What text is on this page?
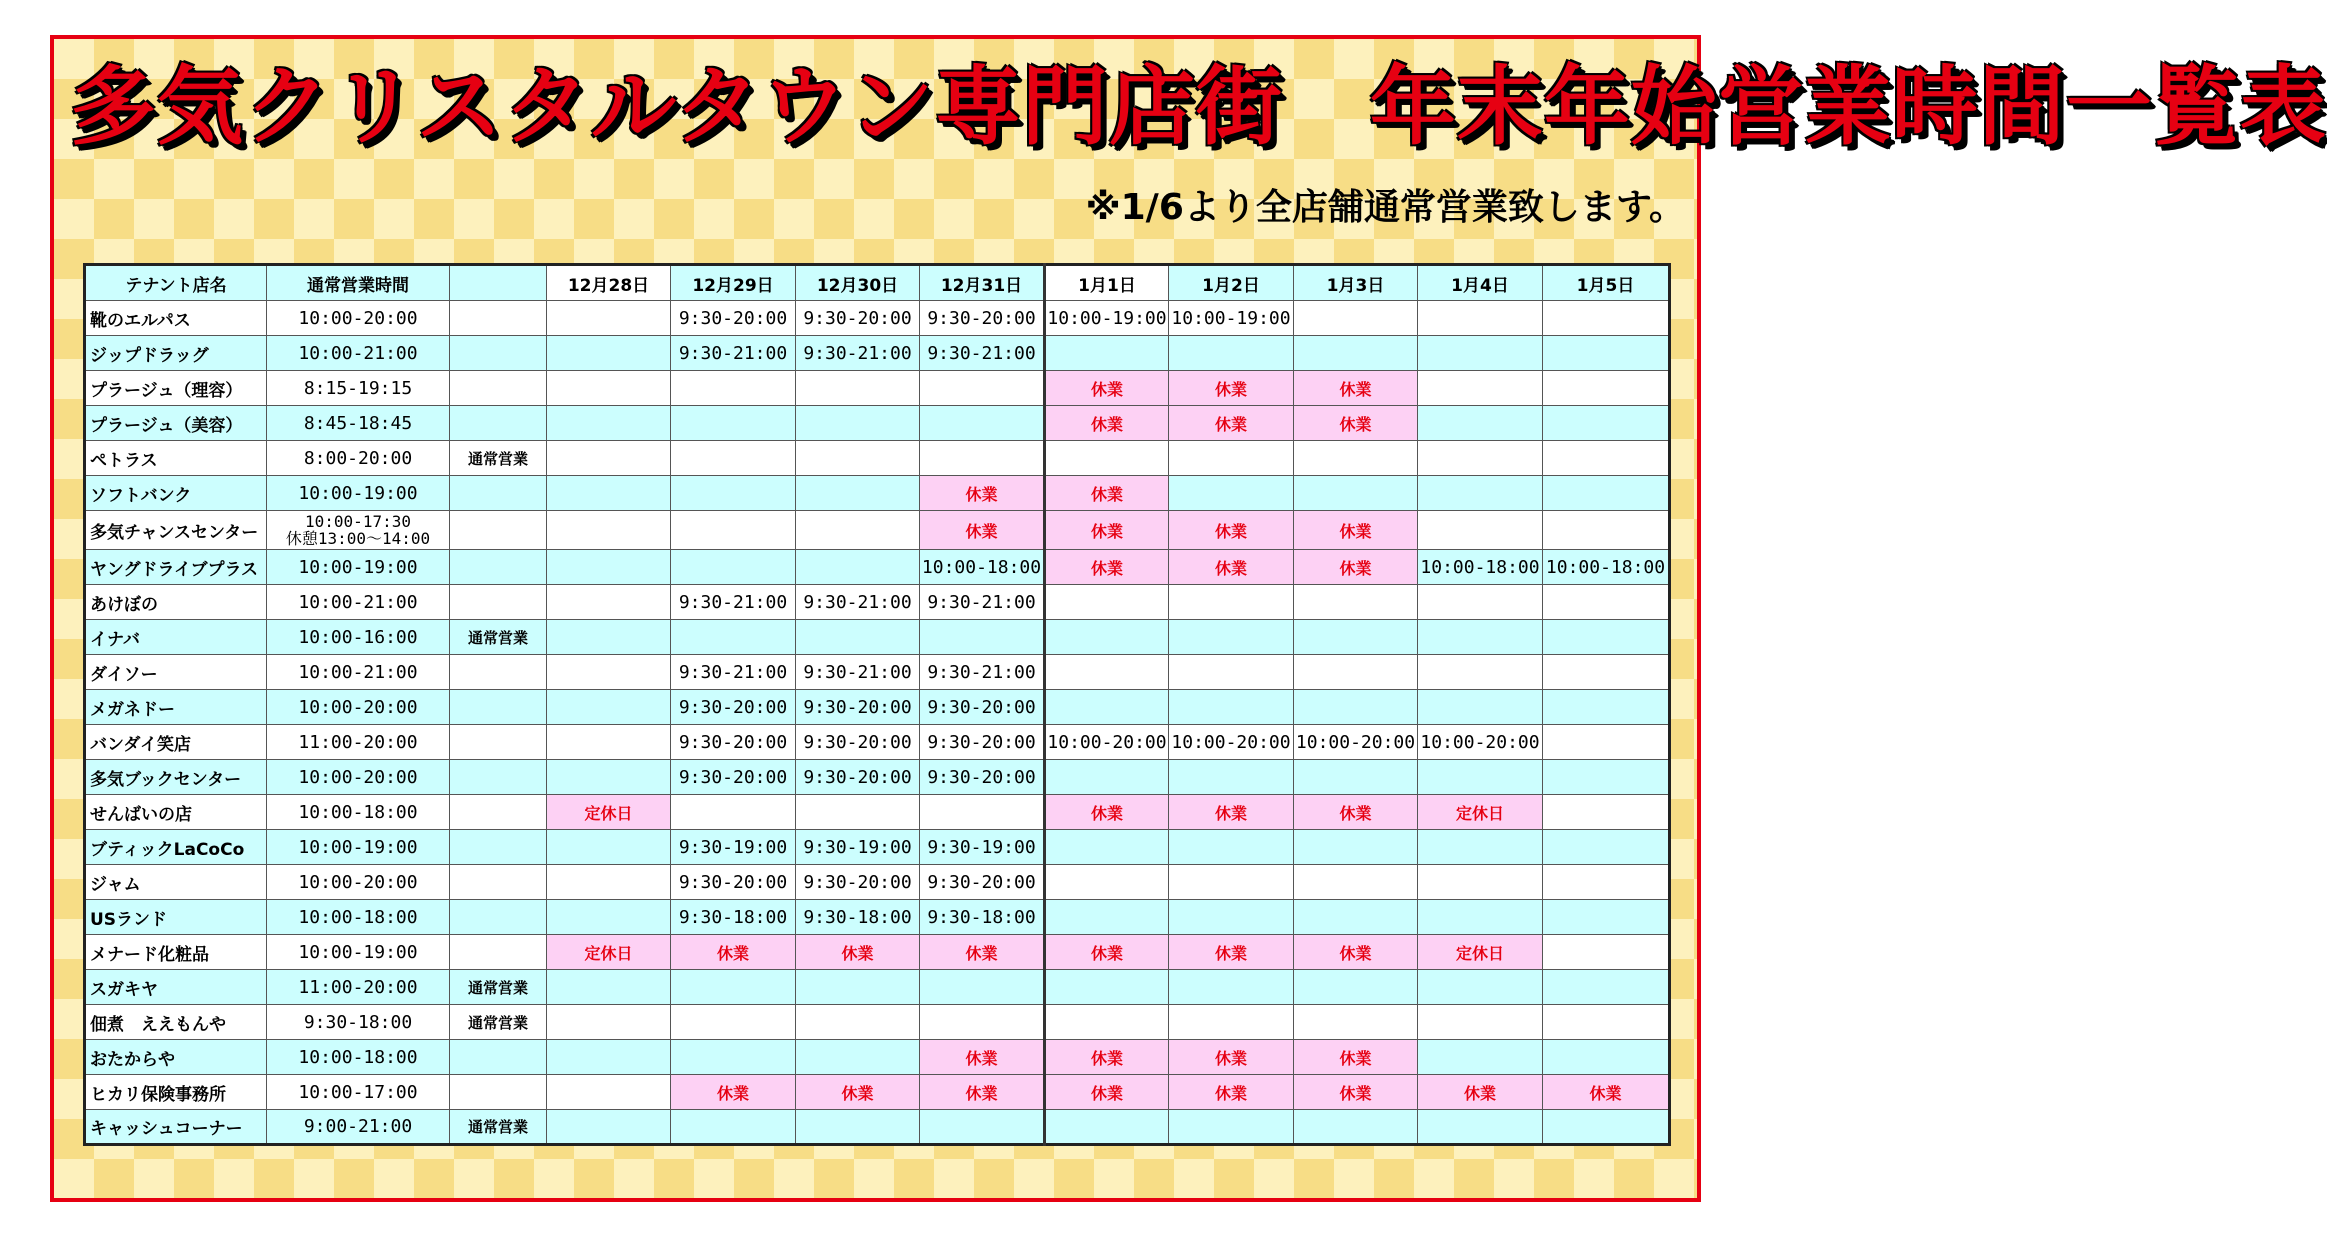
多気クリスタルタウン専門店街　年末年始営業時間一覧表
※1/6より全店舗通常営業致します。
テナント店名	通常営業時間		12月28日	12月29日	12月30日	12月31日	1月1日	1月2日	1月3日	1月4日	1月5日
靴のエルパス	10:00-20:00			9:30-20:00	9:30-20:00	9:30-20:00	10:00-19:00	10:00-19:00			
ジップドラッグ	10:00-21:00			9:30-21:00	9:30-21:00	9:30-21:00					
プラージュ（理容）	8:15-19:15						休業	休業	休業		
プラージュ（美容）	8:45-18:45						休業	休業	休業		
ペトラス	8:00-20:00	通常営業									
ソフトバンク	10:00-19:00					休業	休業				
多気チャンスセンター	10:00-17:30
休憩13:00～14:00					休業	休業	休業	休業		
ヤングドライブプラス	10:00-19:00					10:00-18:00	休業	休業	休業	10:00-18:00	10:00-18:00
あけぼの	10:00-21:00			9:30-21:00	9:30-21:00	9:30-21:00					
イナバ	10:00-16:00	通常営業									
ダイソー	10:00-21:00			9:30-21:00	9:30-21:00	9:30-21:00					
メガネドー	10:00-20:00			9:30-20:00	9:30-20:00	9:30-20:00					
バンダイ笑店	11:00-20:00			9:30-20:00	9:30-20:00	9:30-20:00	10:00-20:00	10:00-20:00	10:00-20:00	10:00-20:00	
多気ブックセンター	10:00-20:00			9:30-20:00	9:30-20:00	9:30-20:00					
せんばいの店	10:00-18:00		定休日				休業	休業	休業	定休日	
ブティックLaCoCo	10:00-19:00			9:30-19:00	9:30-19:00	9:30-19:00					
ジャム	10:00-20:00			9:30-20:00	9:30-20:00	9:30-20:00					
USランド	10:00-18:00			9:30-18:00	9:30-18:00	9:30-18:00					
メナード化粧品	10:00-19:00		定休日	休業	休業	休業	休業	休業	休業	定休日	
スガキヤ	11:00-20:00	通常営業									
佃煮　ええもんや	9:30-18:00	通常営業									
おたからや	10:00-18:00					休業	休業	休業	休業		
ヒカリ保険事務所	10:00-17:00			休業	休業	休業	休業	休業	休業	休業	休業
キャッシュコーナー	9:00-21:00	通常営業									
